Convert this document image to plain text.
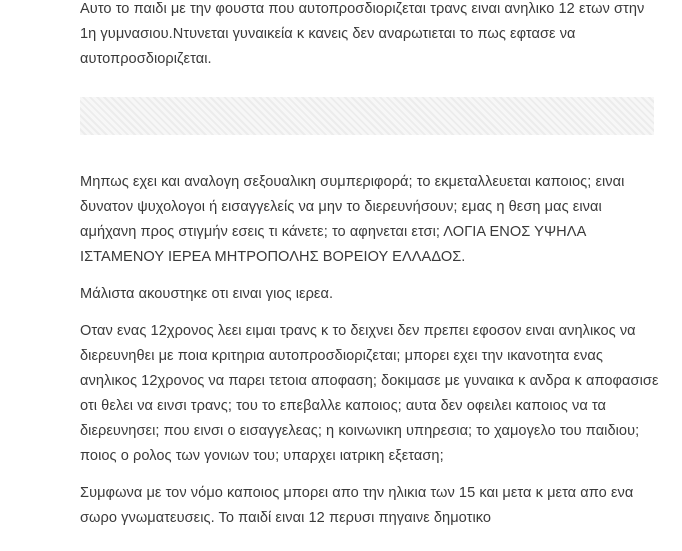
Αυτο το παιδι με την φουστα που αυτοπροσδιοριζεται τρανς ειναι ανηλικο 12 ετων στην 1η γυμνασιου.Ντυνεται γυναικεία κ κανεις δεν αναρωτιεται το πως εφτασε να αυτοπροσδιοριζεται.

Μηπως εχει και αναλογη σεξουαλικη συμπεριφορά; το εκμεταλλευεται καποιος; ειναι δυνατον ψυχολογοι ή εισαγγελείς να μην το διερευνήσουν; εμας η θεση μας ειναι αμήχανη προς στιγμήν εσεις τι κάνετε; το αφηνεται ετσι; ΛΟΓΙΑ ΕΝΟΣ ΥΨΗΛΑ ΙΣΤΑΜΕΝΟΥ ΙΕΡΕΑ ΜΗΤΡΟΠΟΛΗΣ ΒΟΡΕΙΟΥ ΕΛΛΑΔΟΣ.

Μάλιστα ακουστηκε οτι ειναι γιος ιερεα.

Οταν ενας 12χρονος λεει ειμαι τρανς κ το δειχνει δεν πρεπει εφοσον ειναι ανηλικος να διερευνηθει με ποια κριτηρια αυτοπροσδιοριζεται; μπορει εχει την ικανοτητα ενας ανηλικος 12χρονος να παρει τετοια αποφαση; δοκιμασε με γυναικα κ ανδρα κ αποφασισε οτι θελει να εινσι τρανς; του το επεβαλλε καποιος; αυτα δεν οφειλει καποιος να τα διερευνησει; που εινσι ο εισαγγελεας; η κοινωνικη υπηρεσια; το χαμογελο του παιδιου; ποιος ο ρολος των γονιων του; υπαρχει ιατρικη εξεταση;

Συμφωνα με τον νόμο καποιος μπορει απο την ηλικια των 15 και μετα κ μετα απο ενα σωρο γνωματευσεις. Το παιδί ειναι 12 περυσι πηγαινε δημοτικο
